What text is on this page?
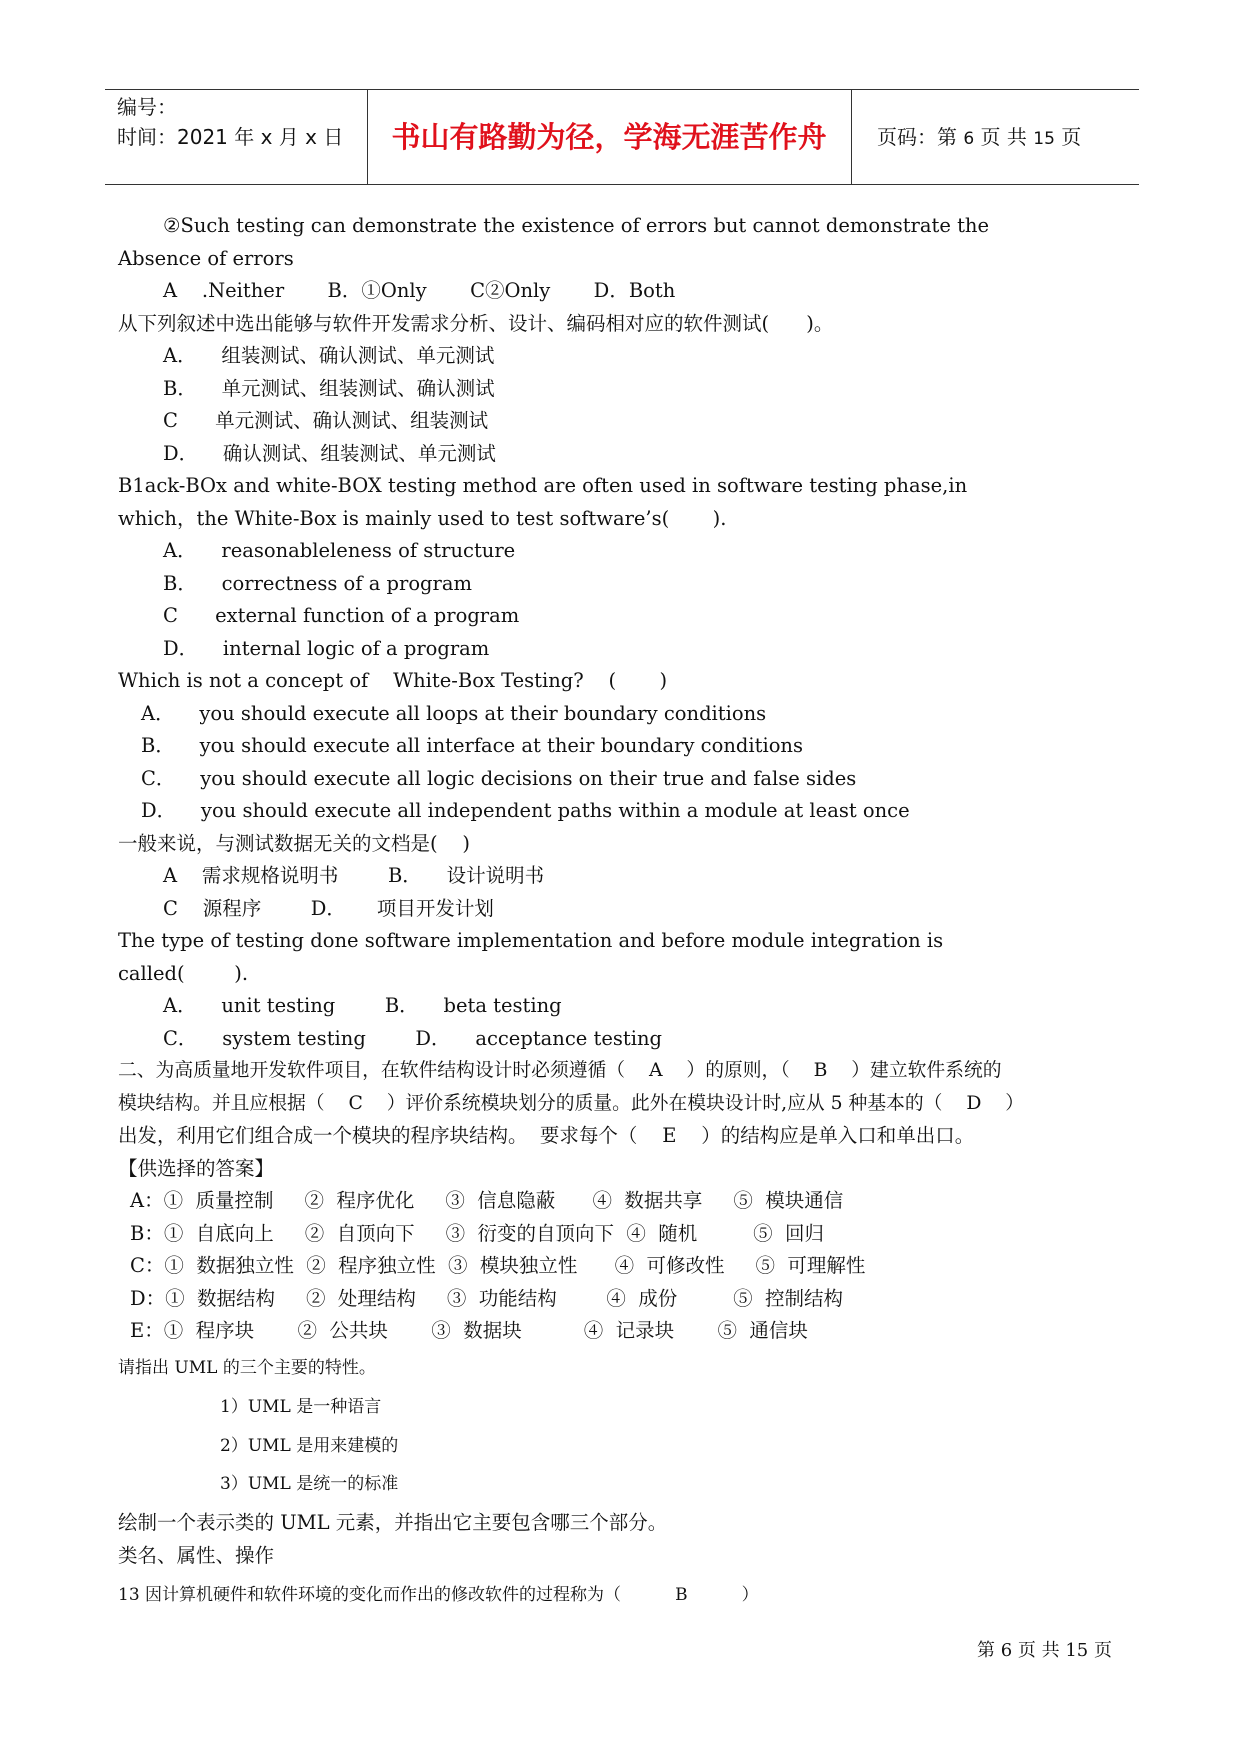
编号：
时间：2021 年 x 月 x 日	书山有路勤为径，学海无涯苦作舟	页码：第 6 页 共 15 页
②Such testing can demonstrate the existence of errors but cannot demonstrate the
Absence of errors
A    .Neither       B．①Only       C②Only       D．Both
从下列叙述中选出能够与软件开发需求分析、设计、编码相对应的软件测试(      )。
A．    组装测试、确认测试、单元测试
B．    单元测试、组装测试、确认测试
C      单元测试、确认测试、组装测试
D．    确认测试、组装测试、单元测试
B1ack-BOx and white-BOX testing method are often used in software testing phase,in
which，the White-Box is mainly used to test software’s(       ).
A．    reasonableleness of structure
B．    correctness of a program
C      external function of a program
D．    internal logic of a program
Which is not a concept of    White-Box Testing?    (       )
A．    you should execute all loops at their boundary conditions
B．    you should execute all interface at their boundary conditions
C．    you should execute all logic decisions on their true and false sides
D．    you should execute all independent paths within a module at least once
一般来说，与测试数据无关的文档是(    )
A    需求规格说明书        B．    设计说明书
C    源程序        D．     项目开发计划
The type of testing done software implementation and before module integration is
called(        ).
A．    unit testing        B．    beta testing
C．    system testing        D．    acceptance testing
二、为高质量地开发软件项目，在软件结构设计时必须遵循（    A    ）的原则，（    B    ）建立软件系统的
模块结构。并且应根据（    C    ）评价系统模块划分的质量。此外在模块设计时,应从 5 种基本的（    D    ）
出发，利用它们组合成一个模块的程序块结构。  要求每个（    E    ）的结构应是单入口和单出口。
【供选择的答案】
A：①  质量控制     ②  程序优化     ③  信息隐蔽      ④  数据共享     ⑤  模块通信
B：①  自底向上     ②  自顶向下     ③  衍变的自顶向下  ④  随机         ⑤  回归
C：①  数据独立性  ②  程序独立性  ③  模块独立性      ④  可修改性     ⑤  可理解性
D：①  数据结构     ②  处理结构     ③  功能结构        ④  成份         ⑤  控制结构
E：①  程序块       ②  公共块       ③  数据块          ④  记录块       ⑤  通信块
请指出 UML 的三个主要的特性。
1）UML 是一种语言
2）UML 是用来建模的
3）UML 是统一的标准
绘制一个表示类的 UML 元素，并指出它主要包含哪三个部分。
类名、属性、操作
13 因计算机硬件和软件环境的变化而作出的修改软件的过程称为（          B          ）
第 6 页 共 15 页
